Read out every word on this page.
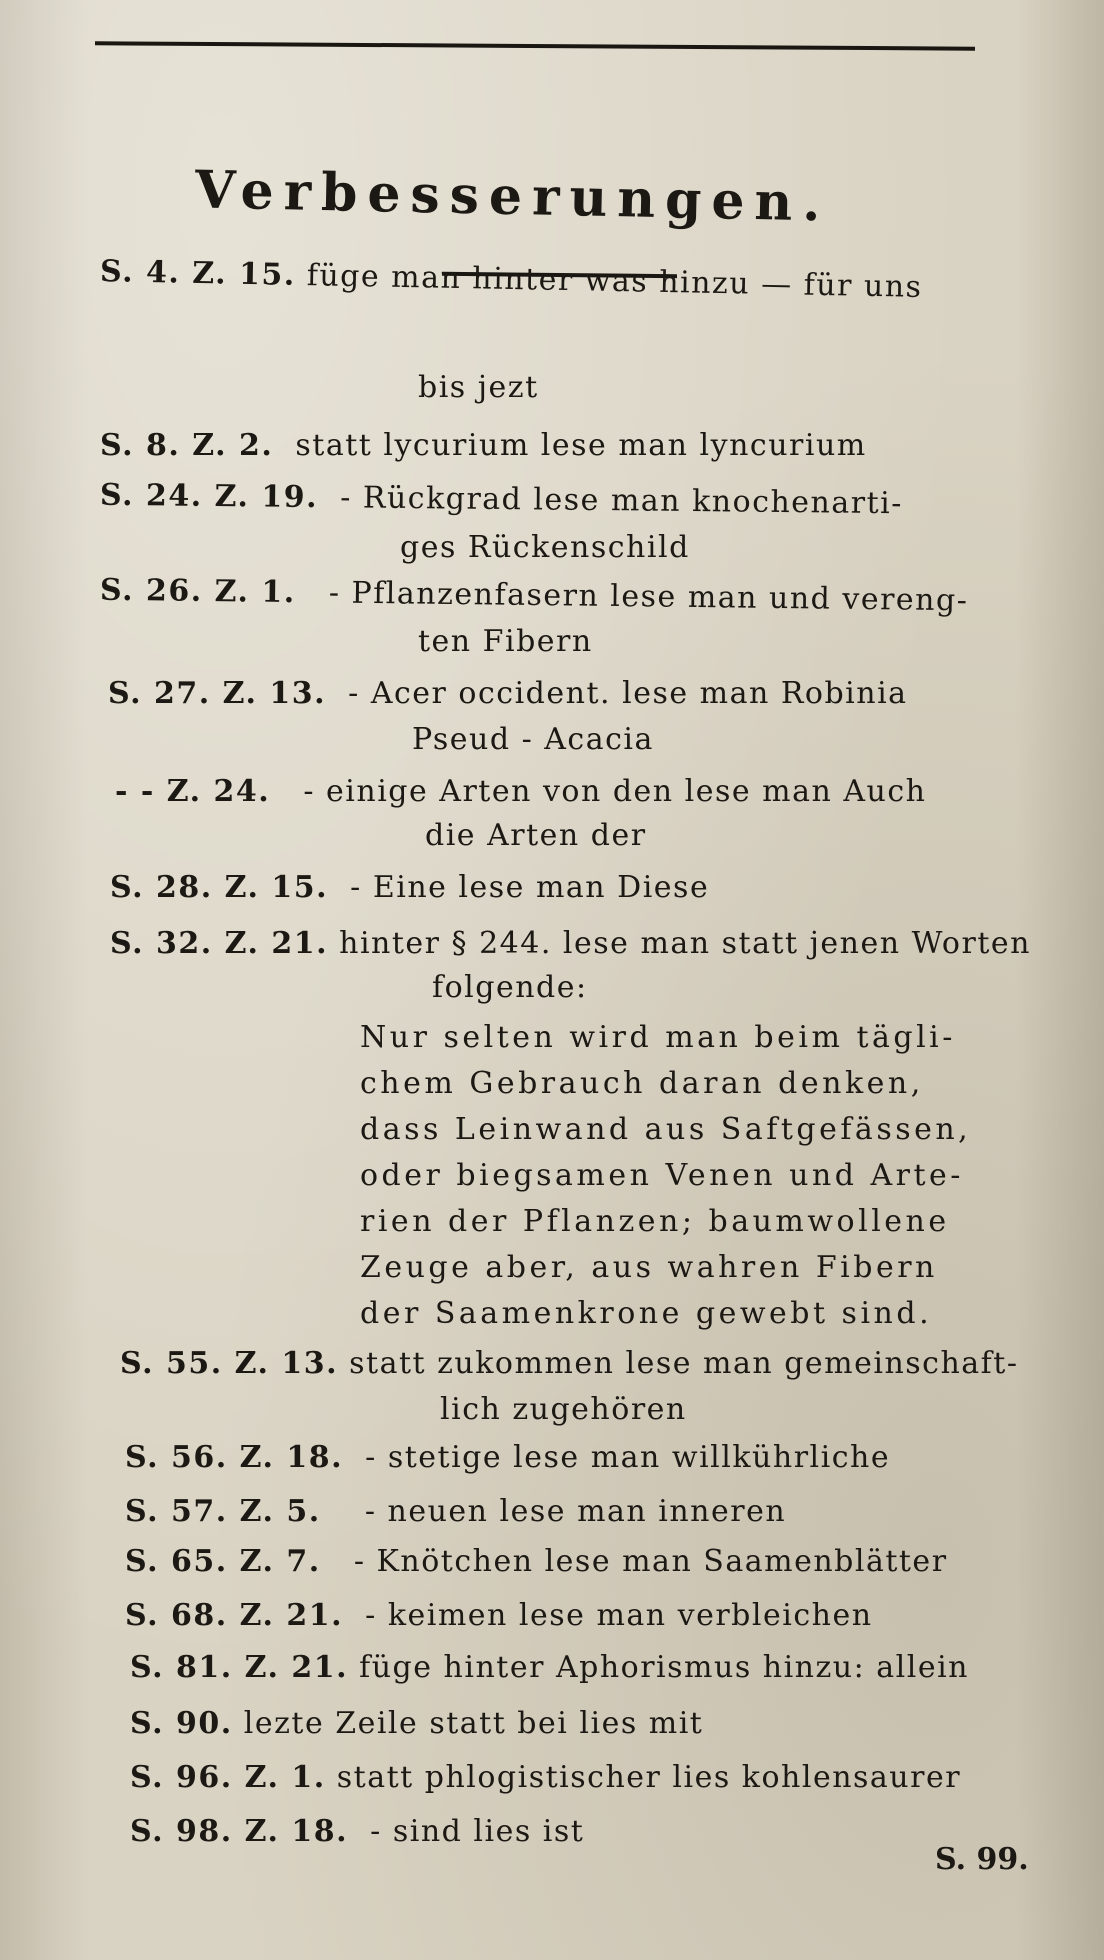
Verbesserungen.
S. 4. Z. 15. füge man hinter was hinzu — für uns
bis jezt
S. 8. Z. 2. statt lycurium lese man lyncurium
S. 24. Z. 19. - Rückgrad lese man knochenarti-
ges Rückenschild
S. 26. Z. 1. - Pflanzenfasern lese man und vereng-
ten Fibern
S. 27. Z. 13. - Acer occident. lese man Robinia
Pseud - Acacia
- - Z. 24. - einige Arten von den lese man Auch
die Arten der
S. 28. Z. 15. - Eine lese man Diese
S. 32. Z. 21. hinter § 244. lese man statt jenen Worten
folgende:
Nur selten wird man beim tägli-
chem Gebrauch daran denken,
dass Leinwand aus Saftgefässen,
oder biegsamen Venen und Arte-
rien der Pflanzen; baumwollene
Zeuge aber, aus wahren Fibern
der Saamenkrone gewebt sind.
S. 55. Z. 13. statt zukommen lese man gemeinschaft-
lich zugehören
S. 56. Z. 18. - stetige lese man willkührliche
S. 57. Z. 5. - neuen lese man inneren
S. 65. Z. 7. - Knötchen lese man Saamenblätter
S. 68. Z. 21. - keimen lese man verbleichen
S. 81. Z. 21. füge hinter Aphorismus hinzu: allein
S. 90. lezte Zeile statt bei lies mit
S. 96. Z. 1. statt phlogistischer lies kohlensaurer
S. 98. Z. 18. - sind lies ist
S. 99.
